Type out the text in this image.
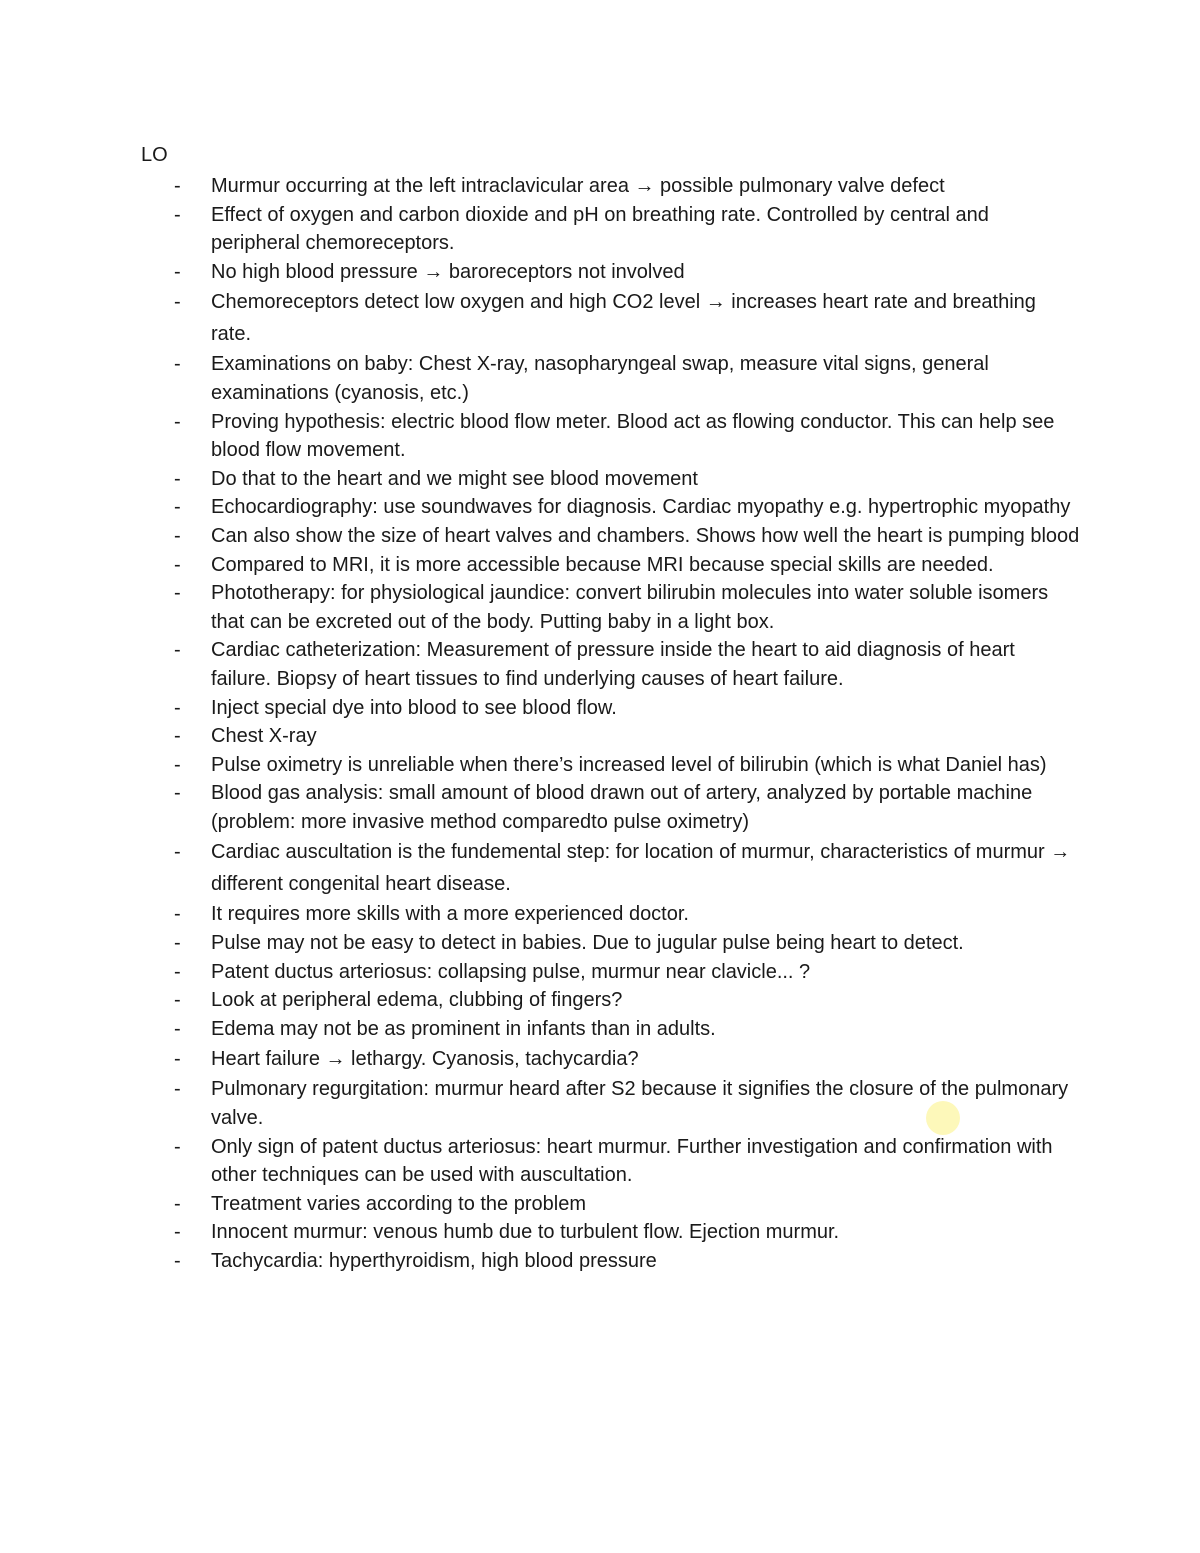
LO
- Murmur occurring at the left intraclavicular area → possible pulmonary valve defect
- Effect of oxygen and carbon dioxide and pH on breathing rate. Controlled by central and peripheral chemoreceptors.
- No high blood pressure → baroreceptors not involved
- Chemoreceptors detect low oxygen and high CO2 level → increases heart rate and breathing rate.
- Examinations on baby: Chest X-ray, nasopharyngeal swap, measure vital signs, general examinations (cyanosis, etc.)
- Proving hypothesis: electric blood flow meter. Blood act as flowing conductor. This can help see blood flow movement.
- Do that to the heart and we might see blood movement
- Echocardiography: use soundwaves for diagnosis. Cardiac myopathy e.g. hypertrophic myopathy
- Can also show the size of heart valves and chambers. Shows how well the heart is pumping blood
- Compared to MRI, it is more accessible because MRI because special skills are needed.
- Phototherapy: for physiological jaundice: convert bilirubin molecules into water soluble isomers that can be excreted out of the body. Putting baby in a light box.
- Cardiac catheterization: Measurement of pressure inside the heart to aid diagnosis of heart failure. Biopsy of heart tissues to find underlying causes of heart failure.
- Inject special dye into blood to see blood flow.
- Chest X-ray
- Pulse oximetry is unreliable when there’s increased level of bilirubin (which is what Daniel has)
- Blood gas analysis: small amount of blood drawn out of artery, analyzed by portable machine (problem: more invasive method comparedto pulse oximetry)
- Cardiac auscultation is the fundemental step: for location of murmur, characteristics of murmur → different congenital heart disease.
- It requires more skills with a more experienced doctor.
- Pulse may not be easy to detect in babies. Due to jugular pulse being heart to detect.
- Patent ductus arteriosus: collapsing pulse, murmur near clavicle... ?
- Look at peripheral edema, clubbing of fingers?
- Edema may not be as prominent in infants than in adults.
- Heart failure → lethargy. Cyanosis, tachycardia?
- Pulmonary regurgitation: murmur heard after S2 because it signifies the closure of the pulmonary valve.
- Only sign of patent ductus arteriosus: heart murmur. Further investigation and confirmation with other techniques can be used with auscultation.
- Treatment varies according to the problem
- Innocent murmur: venous humb due to turbulent flow. Ejection murmur.
- Tachycardia: hyperthyroidism, high blood pressure
